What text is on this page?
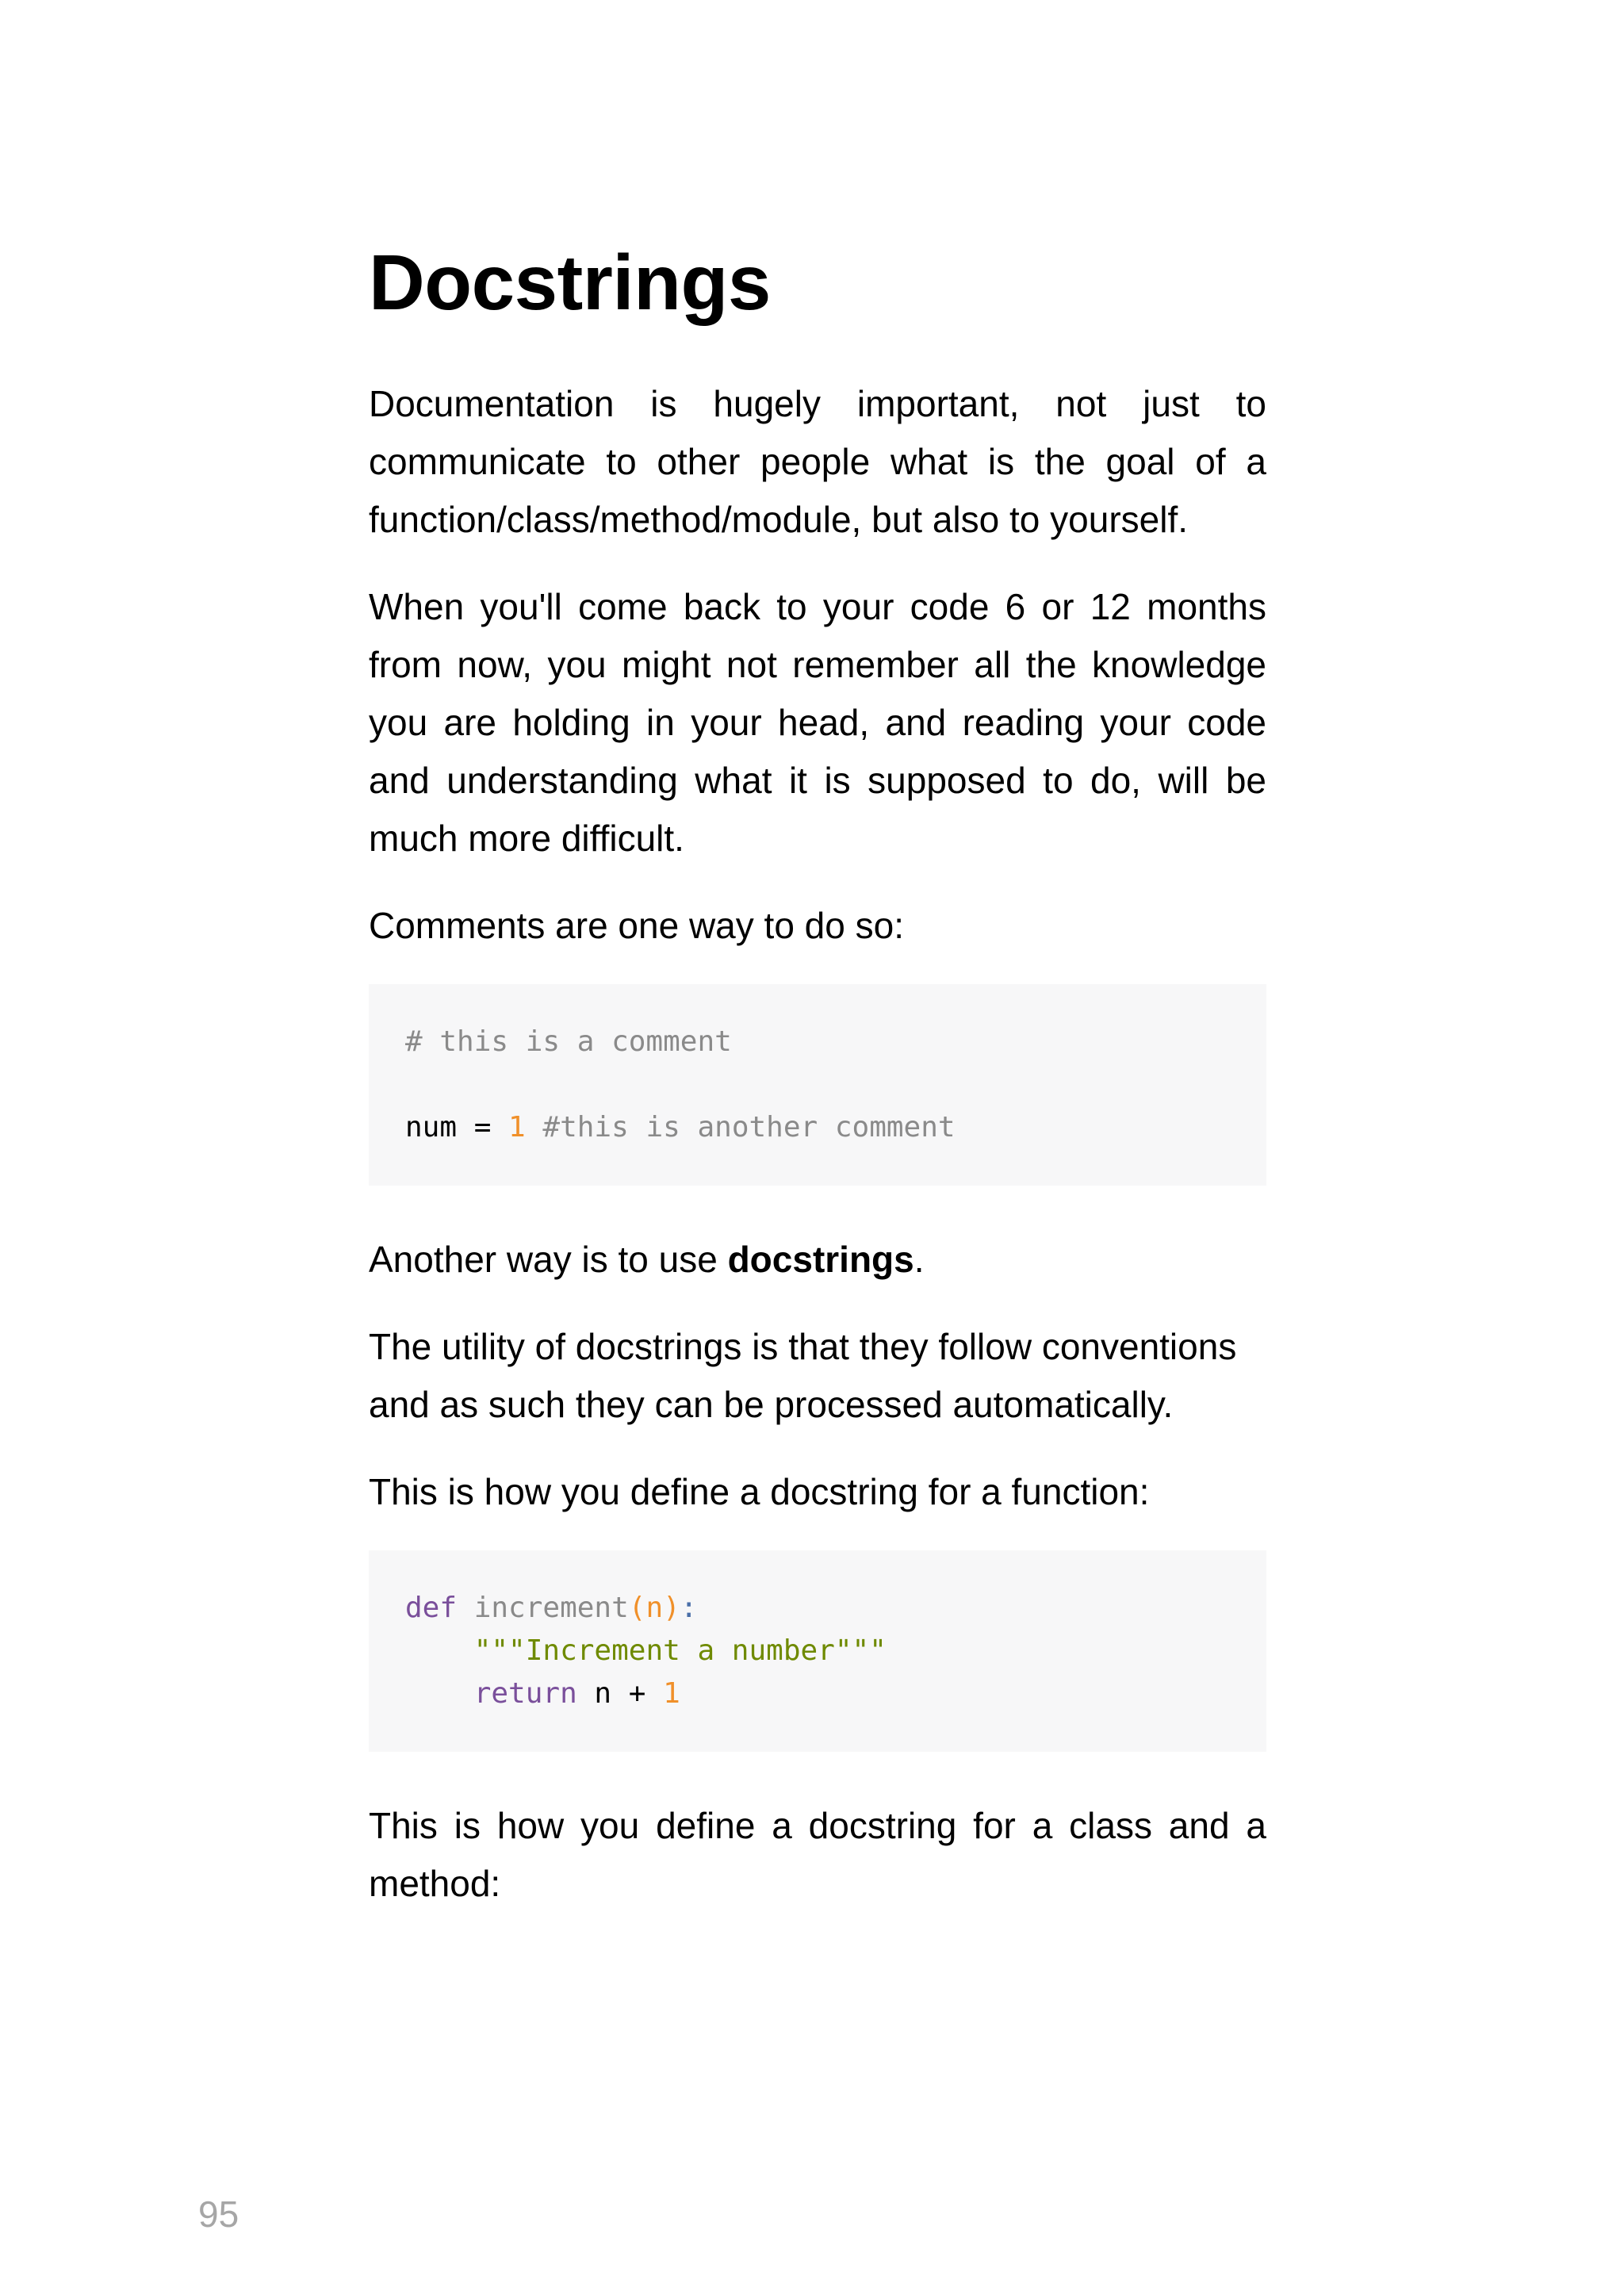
Docstrings

Documentation is hugely important, not just to communicate to other people what is the goal of a function/class/method/module, but also to yourself.

When you'll come back to your code 6 or 12 months from now, you might not remember all the knowledge you are holding in your head, and reading your code and understanding what it is supposed to do, will be much more difficult.

Comments are one way to do so:

# this is a comment

num = 1 #this is another comment

Another way is to use docstrings.

The utility of docstrings is that they follow conventions and as such they can be processed automatically.

This is how you define a docstring for a function:

def increment(n):
"""Increment a number"""
return n + 1

This is how you define a docstring for a class and a method:

95
